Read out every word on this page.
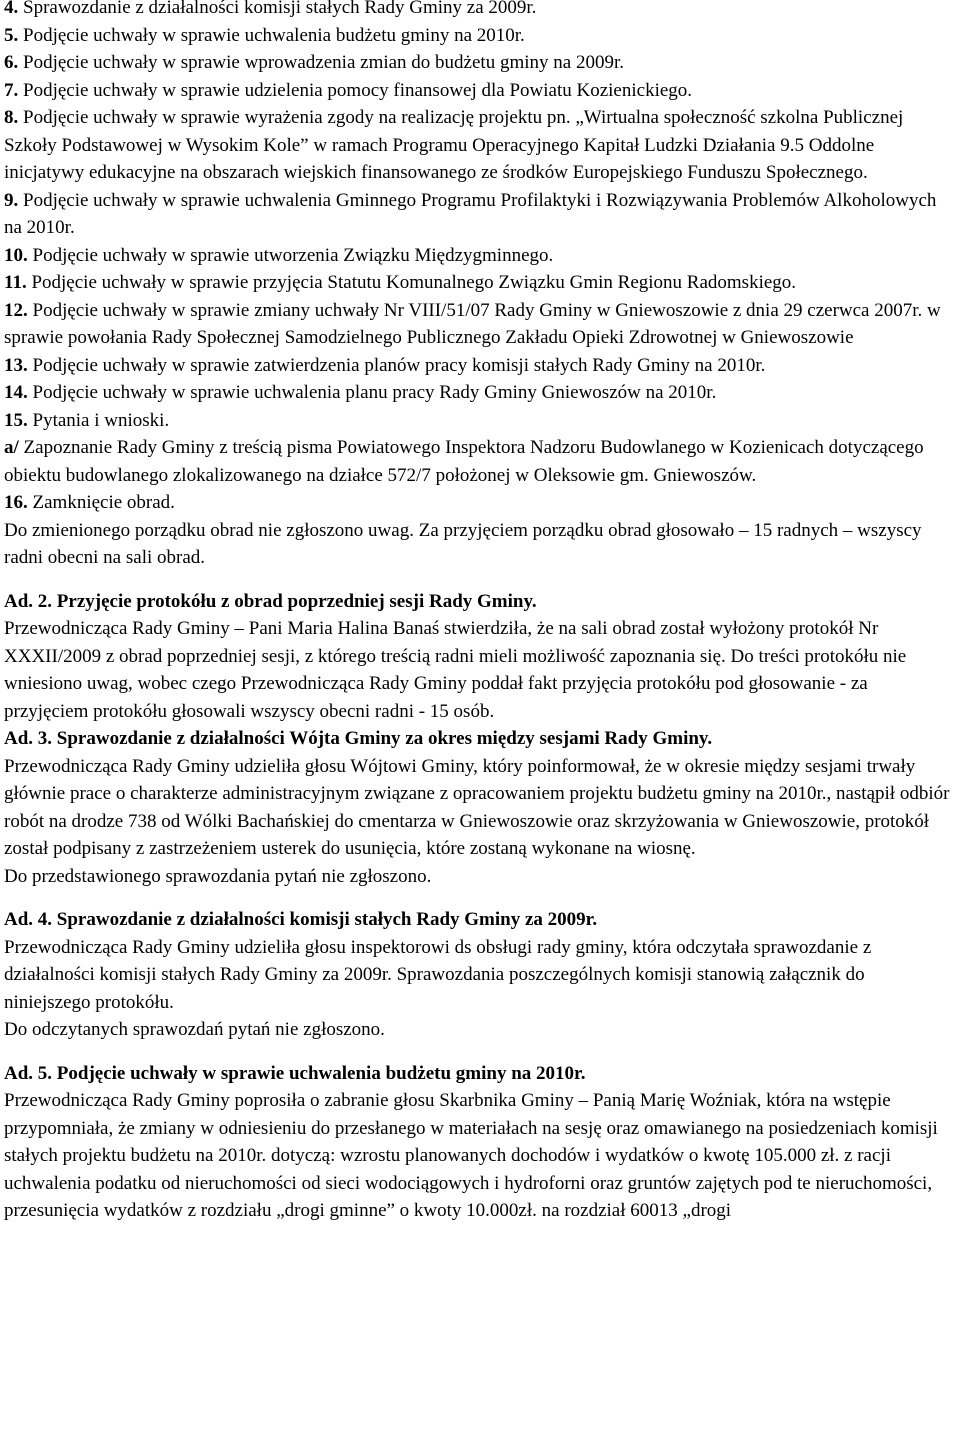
4. Sprawozdanie z działalności komisji stałych Rady Gminy za 2009r.

5. Podjęcie uchwały w sprawie uchwalenia budżetu gminy na 2010r.

6. Podjęcie uchwały w sprawie wprowadzenia zmian do budżetu gminy na 2009r.

7. Podjęcie uchwały w sprawie udzielenia pomocy finansowej dla Powiatu Kozienickiego.

8. Podjęcie uchwały w sprawie wyrażenia zgody na realizację projektu pn. „Wirtualna społeczność szkolna Publicznej Szkoły Podstawowej w Wysokim Kole” w ramach Programu Operacyjnego Kapitał Ludzki Działania 9.5 Oddolne inicjatywy edukacyjne na obszarach wiejskich finansowanego ze środków Europejskiego Funduszu Społecznego.

9. Podjęcie uchwały w sprawie uchwalenia Gminnego Programu Profilaktyki i Rozwiązywania Problemów Alkoholowych na 2010r.

10. Podjęcie uchwały w sprawie utworzenia Związku Międzygminnego.

11. Podjęcie uchwały w sprawie przyjęcia Statutu Komunalnego Związku Gmin Regionu Radomskiego.

12. Podjęcie uchwały w sprawie zmiany uchwały Nr VIII/51/07 Rady Gminy w Gniewoszowie z dnia 29 czerwca 2007r. w sprawie powołania Rady Społecznej Samodzielnego Publicznego Zakładu Opieki Zdrowotnej w Gniewoszowie

13. Podjęcie uchwały w sprawie zatwierdzenia planów pracy komisji stałych Rady Gminy na 2010r.

14. Podjęcie uchwały w sprawie uchwalenia planu pracy Rady Gminy Gniewoszów na 2010r.

15. Pytania i wnioski.

a/ Zapoznanie Rady Gminy z treścią pisma Powiatowego Inspektora Nadzoru Budowlanego w Kozienicach dotyczącego obiektu budowlanego zlokalizowanego na działce 572/7 położonej w Oleksowie gm. Gniewoszów.

16. Zamknięcie obrad.

Do zmienionego porządku obrad nie zgłoszono uwag. Za przyjęciem porządku obrad głosowało – 15 radnych – wszyscy radni obecni na sali obrad.

Ad. 2. Przyjęcie protokółu z obrad poprzedniej sesji Rady Gminy.

Przewodnicząca Rady Gminy – Pani Maria Halina Banaś stwierdziła, że na sali obrad został wyłożony protokół Nr XXXII/2009 z obrad poprzedniej sesji, z którego treścią radni mieli możliwość zapoznania się. Do treści protokółu nie wniesiono uwag, wobec czego Przewodnicząca Rady Gminy poddał fakt przyjęcia protokółu pod głosowanie - za przyjęciem protokółu głosowali wszyscy obecni radni - 15 osób.

Ad. 3. Sprawozdanie z działalności Wójta Gminy za okres między sesjami Rady Gminy.

Przewodnicząca Rady Gminy udzieliła głosu Wójtowi Gminy, który poinformował, że w okresie między sesjami trwały głównie prace o charakterze administracyjnym związane z opracowaniem projektu budżetu gminy na 2010r., nastąpił odbiór robót na drodze 738 od Wólki Bachańskiej do cmentarza w Gniewoszowie oraz skrzyżowania w Gniewoszowie, protokół został podpisany z zastrzeżeniem usterek do usunięcia, które zostaną wykonane na wiosnę.

Do przedstawionego sprawozdania pytań nie zgłoszono.

Ad. 4. Sprawozdanie z działalności komisji stałych Rady Gminy za 2009r.

Przewodnicząca Rady Gminy udzieliła głosu inspektorowi ds obsługi rady gminy, która odczytała sprawozdanie z działalności komisji stałych Rady Gminy za 2009r. Sprawozdania poszczególnych komisji stanowią załącznik do niniejszego protokółu.

Do odczytanych sprawozdań pytań nie zgłoszono.

Ad. 5. Podjęcie uchwały w sprawie uchwalenia budżetu gminy na 2010r.

Przewodnicząca Rady Gminy poprosiła o zabranie głosu Skarbnika Gminy – Panią Marię Woźniak, która na wstępie przypomniała, że zmiany w odniesieniu do przesłanego w materiałach na sesję oraz omawianego na posiedzeniach komisji stałych projektu budżetu na 2010r. dotyczą: wzrostu planowanych dochodów i wydatków o kwotę 105.000 zł. z racji uchwalenia podatku od nieruchomości od sieci wodociągowych i hydroforni oraz gruntów zajętych pod te nieruchomości, przesunięcia wydatków z rozdziału „drogi gminne” o kwoty 10.000zł. na rozdział 60013 „drogi
